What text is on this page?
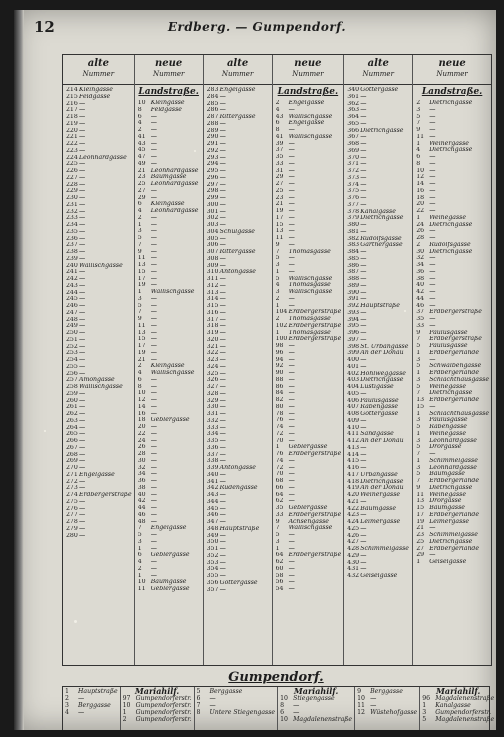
12	Erdberg. — Gumpendorf.
alte
Nummer
214 Kleingasse
215 Feldgasse
216 —
217 —
218 —
219 —
220 —
221 —
222 —
223 —
224 Leonhardgasse
225 —
226 —
227 —
228 —
229 —
230 —
231 —
232 —
233 —
234 —
235 —
236 —
237 —
238 —
239 —
240 Wällischgasse
241 —
242 —
243 —
244 —
245 —
246 —
247 —
248 —
249 —
250 —
251 —
252 —
253 —
254 —
255 —
256 —
257 Amongasse
258 Wällischgasse
259 —
260 —
261 —
262 —
263 —
264 —
265 —
266 —
267 —
268 —
269 —
270 —
271 Engelgasse
272 —
273 —
274 Erdbergerstraße
275 —
276 —
277 —
278 —
279 —
280 —
neue
Nummer
Landstraße.
10 Kleingasse
8	Feldgasse
6	—
4	—
2	—
41 —
43 —
45 —
47 —
49 —
21 Leonhardgasse
23 Baumgasse
25 Leonhardgasse
27 —
29 —
6	Kleingasse
4	Leonhardgasse
2	—
1	—
3	—
5	—
7	—
9	—
11 —
13 —
15 —
17 —
19 —
1	Wällischgasse
3	—
5	—
7	—
9	—
11 —
13 —
15 —
17 —
19 —
21 —
2	Kleingasse
4	Wällischgasse
6	—
8	—
10 —
12 —
14 —
16 —
18 Geblergasse
20 —
22 —
24 —
26 —
28 —
30 —
32 —
34 —
36 —
38 —
40 —
42 —
44 —
46 —
48 —
7	Engelgasse
5	—
3	—
1	—
6	Geblergasse
4	—
2	—
1	—
10 Baumgasse
11 Geblergasse
alte
Nummer
283 Engelgasse
284 —
285 —
286 —
287 Rittergasse
288 —
289 —
290 —
291 —
292 —
293 —
294 —
295 —
296 —
297 —
298 —
299 —
300 —
301 —
302 —
303 —
304 Schulgasse
305 —
306 —
307 Rittergasse
308 —
309 —
310 Antongasse
311 —
312 —
313 —
314 —
315 —
316 —
317 —
318 —
319 —
320 —
321 —
322 —
323 —
324 —
325 —
326 —
327 —
328 —
329 —
330 —
331 —
332 —
333 —
334 —
335 —
336 —
337 —
338 —
339 Antongasse
340 —
341 —
342 Rüdengasse
343 —
344 —
345 —
346 —
347 —
348 Hauptstraße
349 —
350 —
351 —
352 —
353 —
354 —
355 —
356 Göttergasse
357 —
neue
Nummer
Landstraße.
2	Engelgasse
4	—
43 Wällischgasse
6	Engelgasse
8	—
41 Wällischgasse
39 —
37 —
35 —
33 —
31 —
29 —
27 —
25 —
23 —
21 —
19 —
17 —
15 —
13 —
11 —
9	—
7	Thomasgasse
5	—
3	—
1	—
5	Wällischgasse
4	Thomasgasse
3	Wällischgasse
2	—
1	—
104 Erdbergerstraße
2	Thomasgasse
102 Erdbergerstraße
1	Thomasgasse
100 Erdbergerstraße
98 —
96 —
94 —
92 —
90 —
88 —
86 —
84 —
82 —
80 —
78 —
76 —
74 —
72 —
70 —
1	Geblergasse
76 Erdbergerstraße
74 —
72 —
70 —
68 —
66 —
64 —
62 —
35 Geblergasse
33 Erdbergerstraße
9	Achsengasse
7	Wällischgasse
5	—
3	—
1	—
64 Erdbergerstraße
62 —
60 —
58 —
56 —
54 —
alte
Nummer
340 Göttergasse
361 —
362 —
363 —
364 —
365 —
366 Dietrichgasse
367 —
368 —
369 —
370 —
371 —
372 —
373 —
374 —
375 —
376 —
377 —
378 Kanalgasse
379 Dietrichgasse
380 —
381 —
382 Rudolfsgasse
383 Gärtnergasse
384 —
385 —
386 —
387 —
388 —
389 —
390 —
391 —
392 Hauptstraße
393 —
394 —
395 —
396 —
397 —
398 St. Urbangasse
399 An der Donau
400 —
401 —
402 Hohlweggasse
403 Dietrichgasse
404 Lustigasse
405 —
406 Paulusgasse
407 Rabengasse
408 Göttergasse
409 —
410 —
411 Sandgasse
412 An der Donau
413 —
414 —
415 —
416 —
417 Urbangasse
418 Dietrichgasse
419 An der Donau
420 Weinergasse
421 —
422 Baumgasse
423 —
424 Leimergasse
425 —
426 —
427 —
428 Schimmelgasse
429 —
430 —
431 —
432 Geiselgasse
neue
Nummer
Landstraße.
2	Dietrichgasse
3	—
5	—
7	—
9	—
11 —
1	Weinergasse
4	Dietrichgasse
6	—
8	—
10 —
12 —
14 —
16 —
18 —
20 —
22 —
1	Weihegasse
24 Dietrichgasse
26 —
28 —
2	Rudolfsgasse
30 Dietrichgasse
32 —
34 —
36 —
38 —
40 —
42 —
44 —
46 —
37 Erdbergerstraße
35 —
33 —
9	Paulusgasse
7	Erdbergerstraße
5	Paulusgasse
1	Erdbergerlände
3	—
5	Schwalbengasse
1	Erdbergerlände
3	Schlachthausgasse
5	Weihegasse
7	Dietrichgasse
13 Erdbergerlände
15 —
1	Schlachthausgasse
3	Paulusgasse
5	Rabengasse
1	Weihegasse
3	Leonhardgasse
5	Drorgasse
7	—
1	Schimmelgasse
3	Leonhardgasse
5	Baumgasse
7	Erdbergerlände
9	Dietrichgasse
11 Weihegasse
13 Drorgasse
15 Baumgasse
17 Erdbergerlände
19 Leimergasse
21 —
23 Schimmelgasse
25 Dietrichgasse
27 Erdbergerlände
29 —
1	Geiselgasse
Gumpendorf.
1	Hauptstraße
2	—
3	Berggasse
4	—
Mariahilf.
97 Gumpendorferstr.
10 Gumpendorferstr.
1	Gumpendorferstr.
2	Gumpendorferstr.
5	Berggasse
6	—
7	—
8	Untere Stiegengasse
Mariahilf.
10 Stiegengasse
8	—
6	—
10 Magdalenenstraße
9	Berggasse
10 —
11 —
12 Wüstehofgasse
Mariahilf.
96 Magdalenenstraße
1	Kanalgasse
3	Gumpendorferstr.
5	Magdalenenstraße
